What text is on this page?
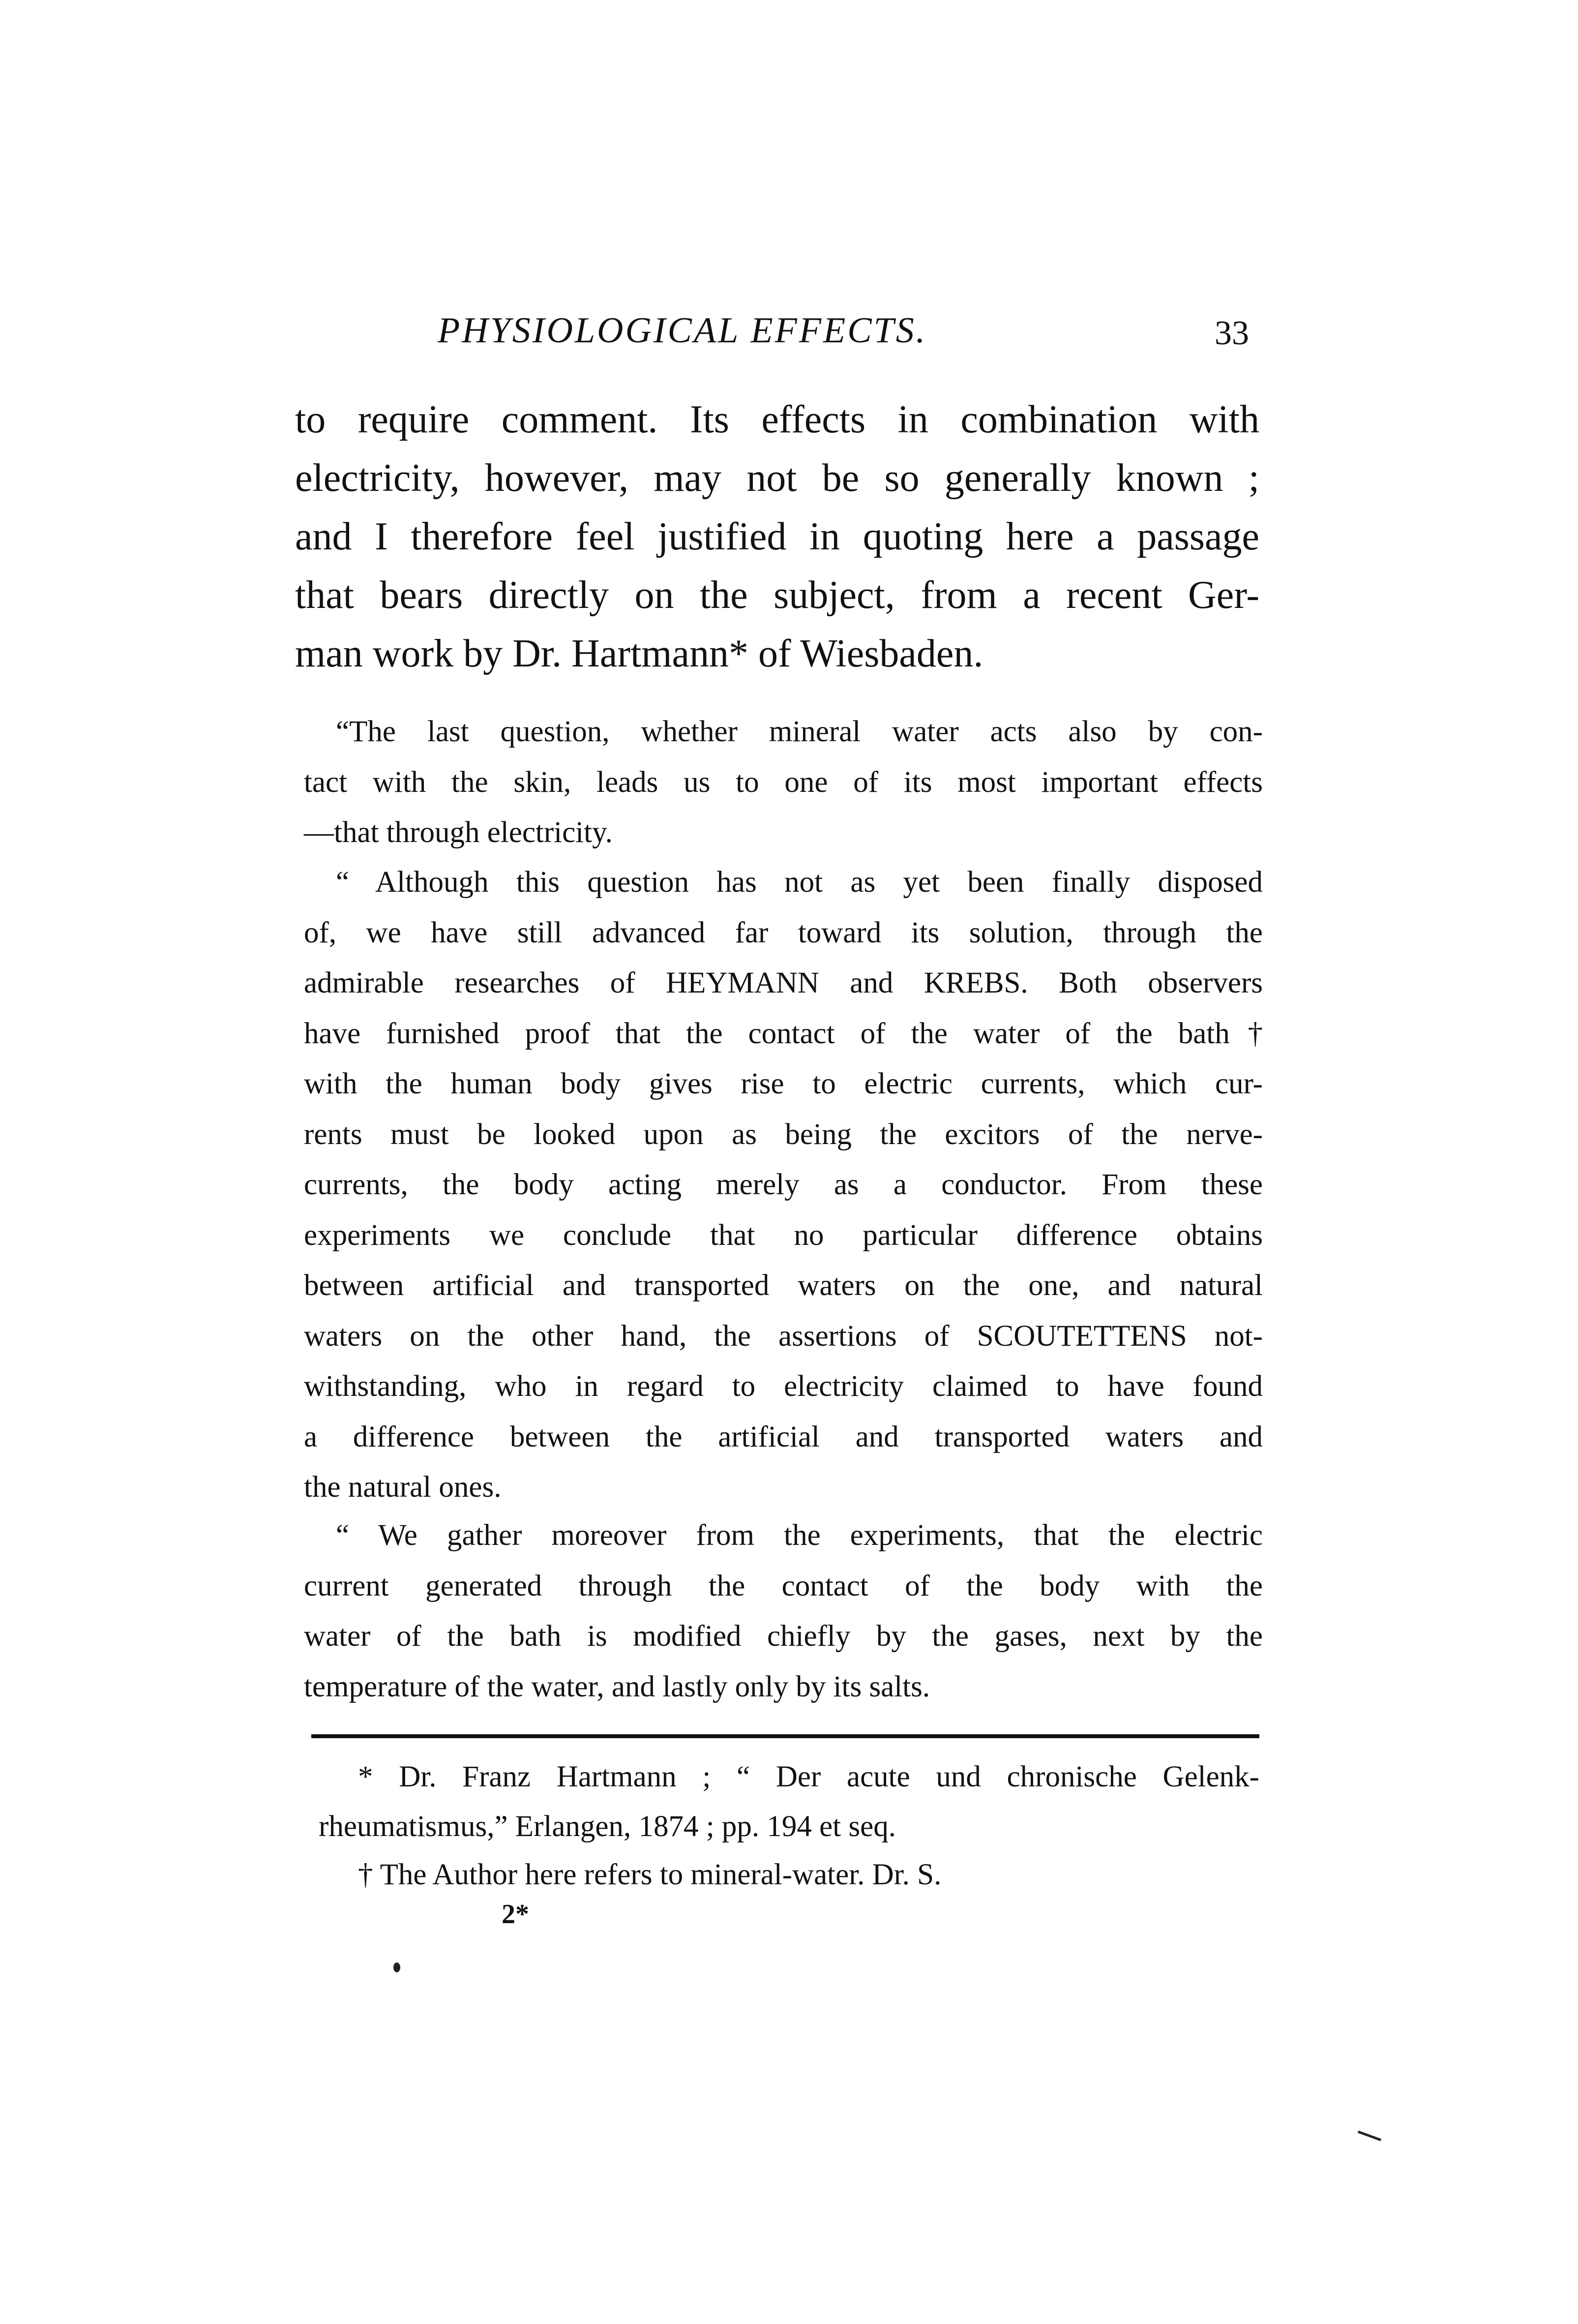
PHYSIOLOGICAL EFFECTS.	33
to require comment. Its effects in combination with
electricity, however, may not be so generally known ;
and I therefore feel justified in quoting here a passage
that bears directly on the subject, from a recent Ger-
man work by Dr. Hartmann* of Wiesbaden.
“The last question, whether mineral water acts also by con-
tact with the skin, leads us to one of its most important effects
—that through electricity.
“ Although this question has not as yet been finally disposed
of, we have still advanced far toward its solution, through the
admirable researches of HEYMANN and KREBS. Both observers
have furnished proof that the contact of the water of the bath†
with the human body gives rise to electric currents, which cur-
rents must be looked upon as being the excitors of the nerve-
currents, the body acting merely as a conductor. From these
experiments we conclude that no particular difference obtains
between artificial and transported waters on the one, and natural
waters on the other hand, the assertions of SCOUTETTENS not-
withstanding, who in regard to electricity claimed to have found
a difference between the artificial and transported waters and
the natural ones.
“ We gather moreover from the experiments, that the electric
current generated through the contact of the body with the
water of the bath is modified chiefly by the gases, next by the
temperature of the water, and lastly only by its salts.
* Dr. Franz Hartmann ; “ Der acute und chronische Gelenk-
rheumatismus,” Erlangen, 1874 ; pp. 194 et seq.
† The Author here refers to mineral-water. Dr. S.
2*
